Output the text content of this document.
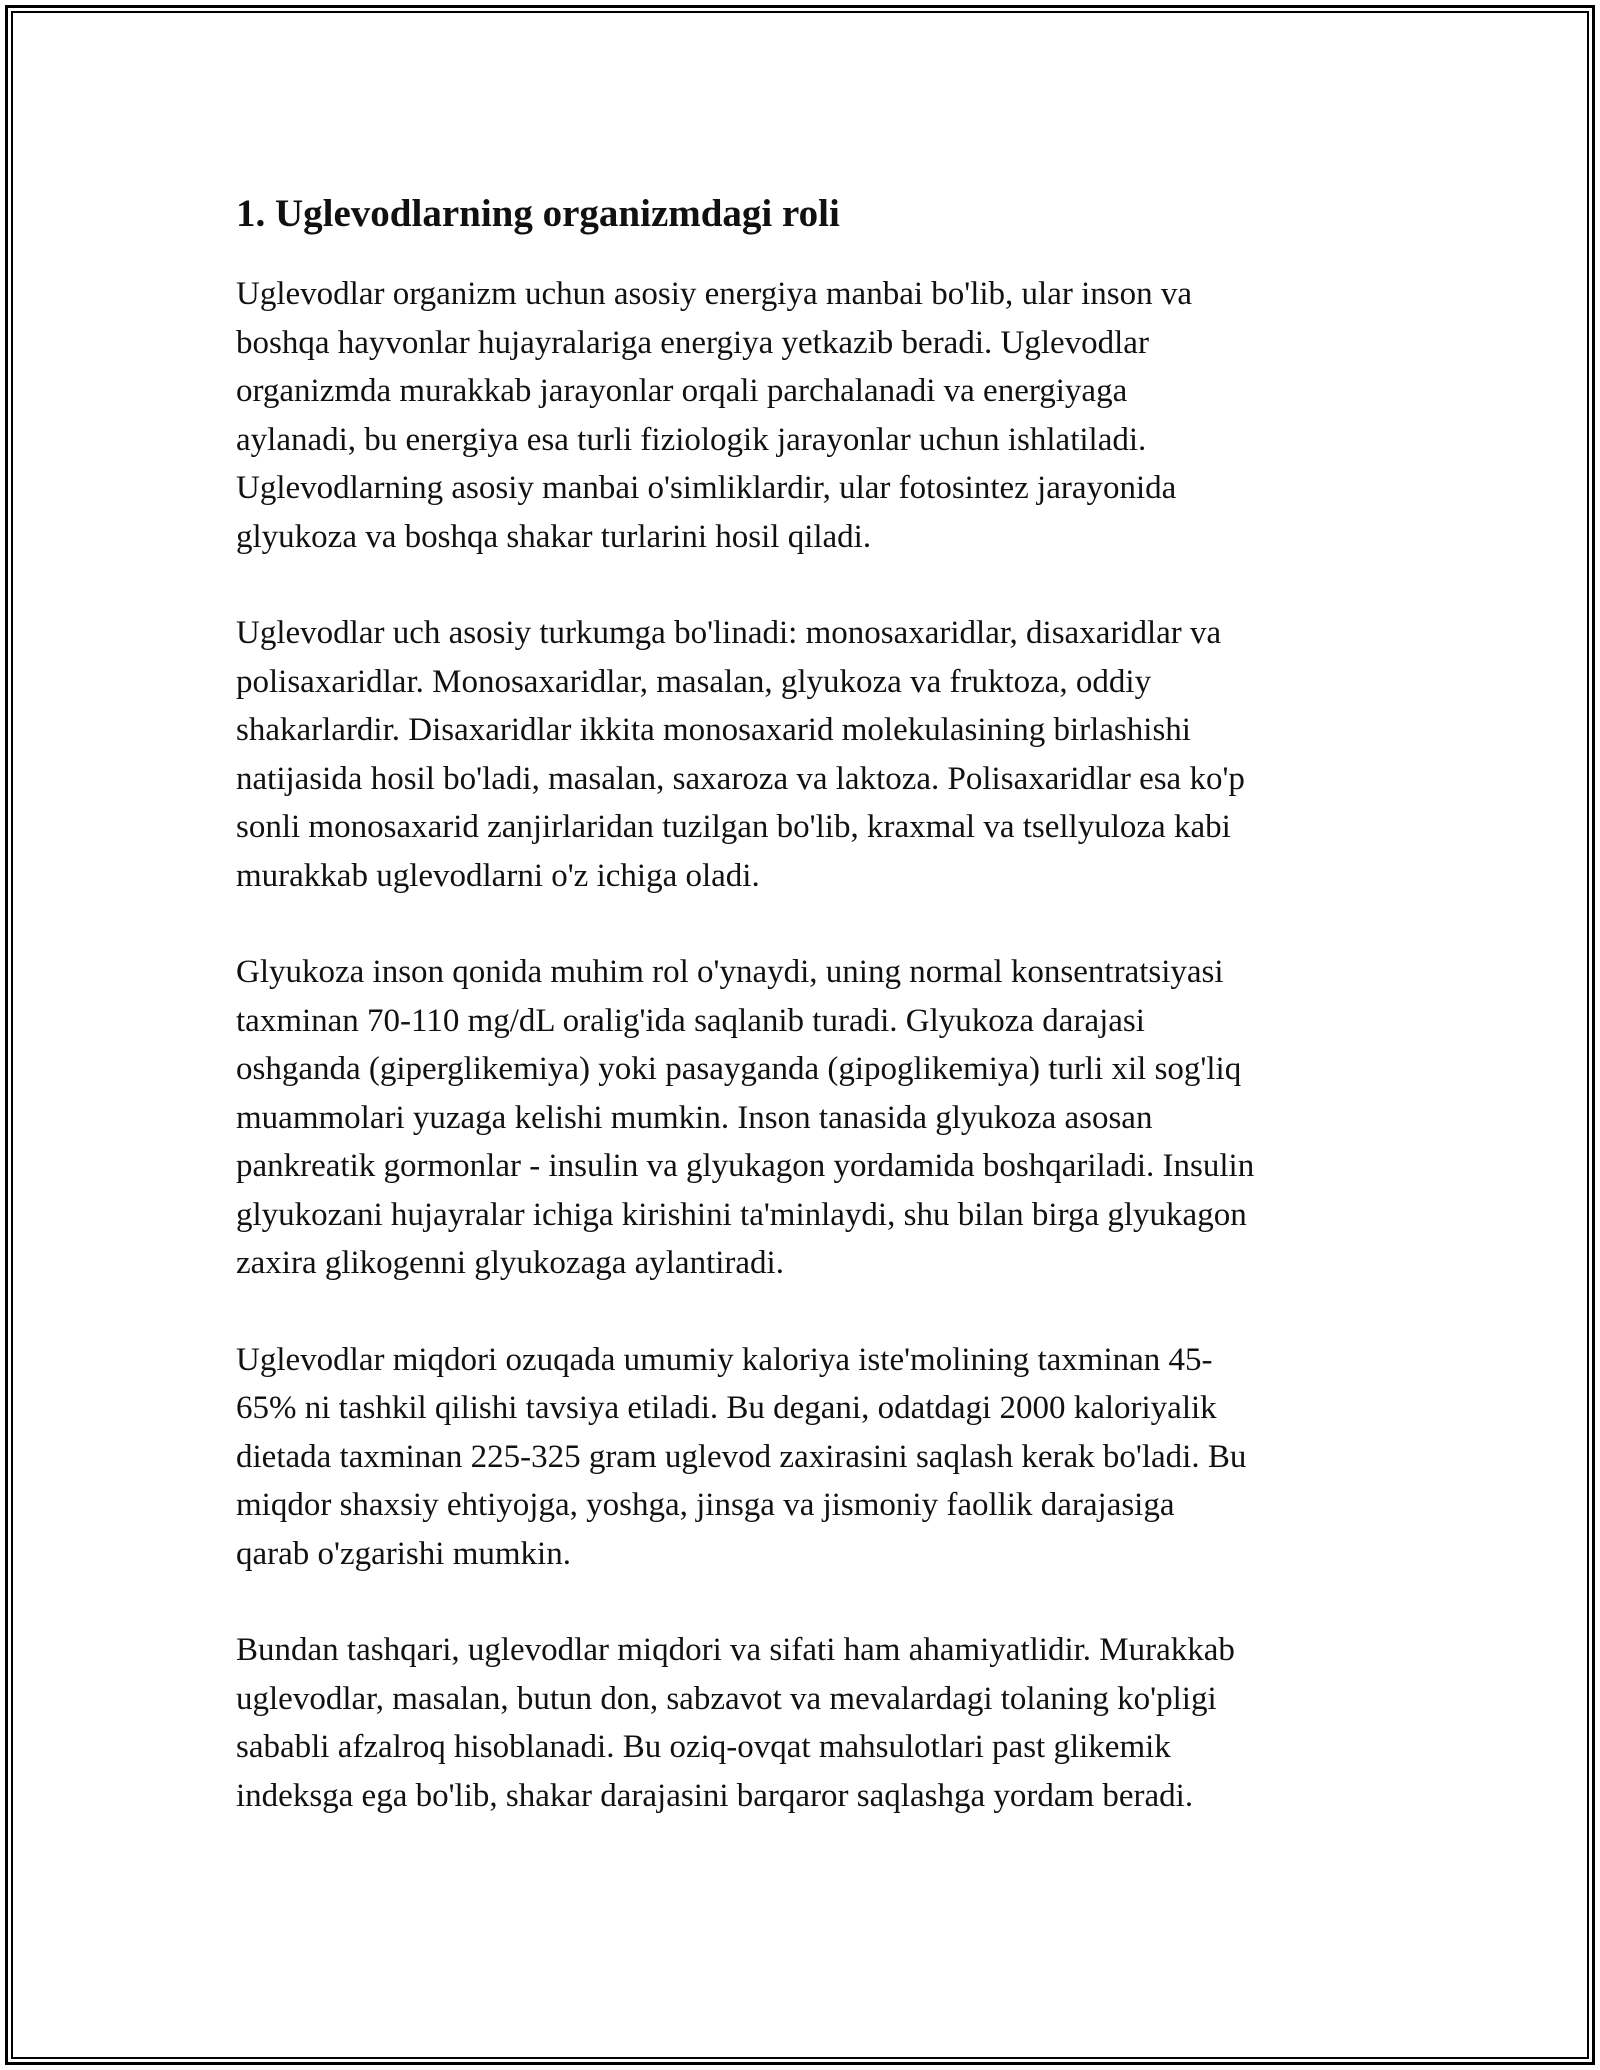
1. Uglevodlarning organizmdagi roli

Uglevodlar organizm uchun asosiy energiya manbai bo'lib, ular inson va
boshqa hayvonlar hujayralariga energiya yetkazib beradi. Uglevodlar
organizmda murakkab jarayonlar orqali parchalanadi va energiyaga
aylanadi, bu energiya esa turli fiziologik jarayonlar uchun ishlatiladi.
Uglevodlarning asosiy manbai o'simliklardir, ular fotosintez jarayonida
glyukoza va boshqa shakar turlarini hosil qiladi.

Uglevodlar uch asosiy turkumga bo'linadi: monosaxaridlar, disaxaridlar va
polisaxaridlar. Monosaxaridlar, masalan, glyukoza va fruktoza, oddiy
shakarlardir. Disaxaridlar ikkita monosaxarid molekulasining birlashishi
natijasida hosil bo'ladi, masalan, saxaroza va laktoza. Polisaxaridlar esa ko'p
sonli monosaxarid zanjirlaridan tuzilgan bo'lib, kraxmal va tsellyuloza kabi
murakkab uglevodlarni o'z ichiga oladi.

Glyukoza inson qonida muhim rol o'ynaydi, uning normal konsentratsiyasi
taxminan 70-110 mg/dL oralig'ida saqlanib turadi. Glyukoza darajasi
oshganda (giperglikemiya) yoki pasayganda (gipoglikemiya) turli xil sog'liq
muammolari yuzaga kelishi mumkin. Inson tanasida glyukoza asosan
pankreatik gormonlar - insulin va glyukagon yordamida boshqariladi. Insulin
glyukozani hujayralar ichiga kirishini ta'minlaydi, shu bilan birga glyukagon
zaxira glikogenni glyukozaga aylantiradi.

Uglevodlar miqdori ozuqada umumiy kaloriya iste'molining taxminan 45-
65% ni tashkil qilishi tavsiya etiladi. Bu degani, odatdagi 2000 kaloriyalik
dietada taxminan 225-325 gram uglevod zaxirasini saqlash kerak bo'ladi. Bu
miqdor shaxsiy ehtiyojga, yoshga, jinsga va jismoniy faollik darajasiga
qarab o'zgarishi mumkin.

Bundan tashqari, uglevodlar miqdori va sifati ham ahamiyatlidir. Murakkab
uglevodlar, masalan, butun don, sabzavot va mevalardagi tolaning ko'pligi
sababli afzalroq hisoblanadi. Bu oziq-ovqat mahsulotlari past glikemik
indeksga ega bo'lib, shakar darajasini barqaror saqlashga yordam beradi.
